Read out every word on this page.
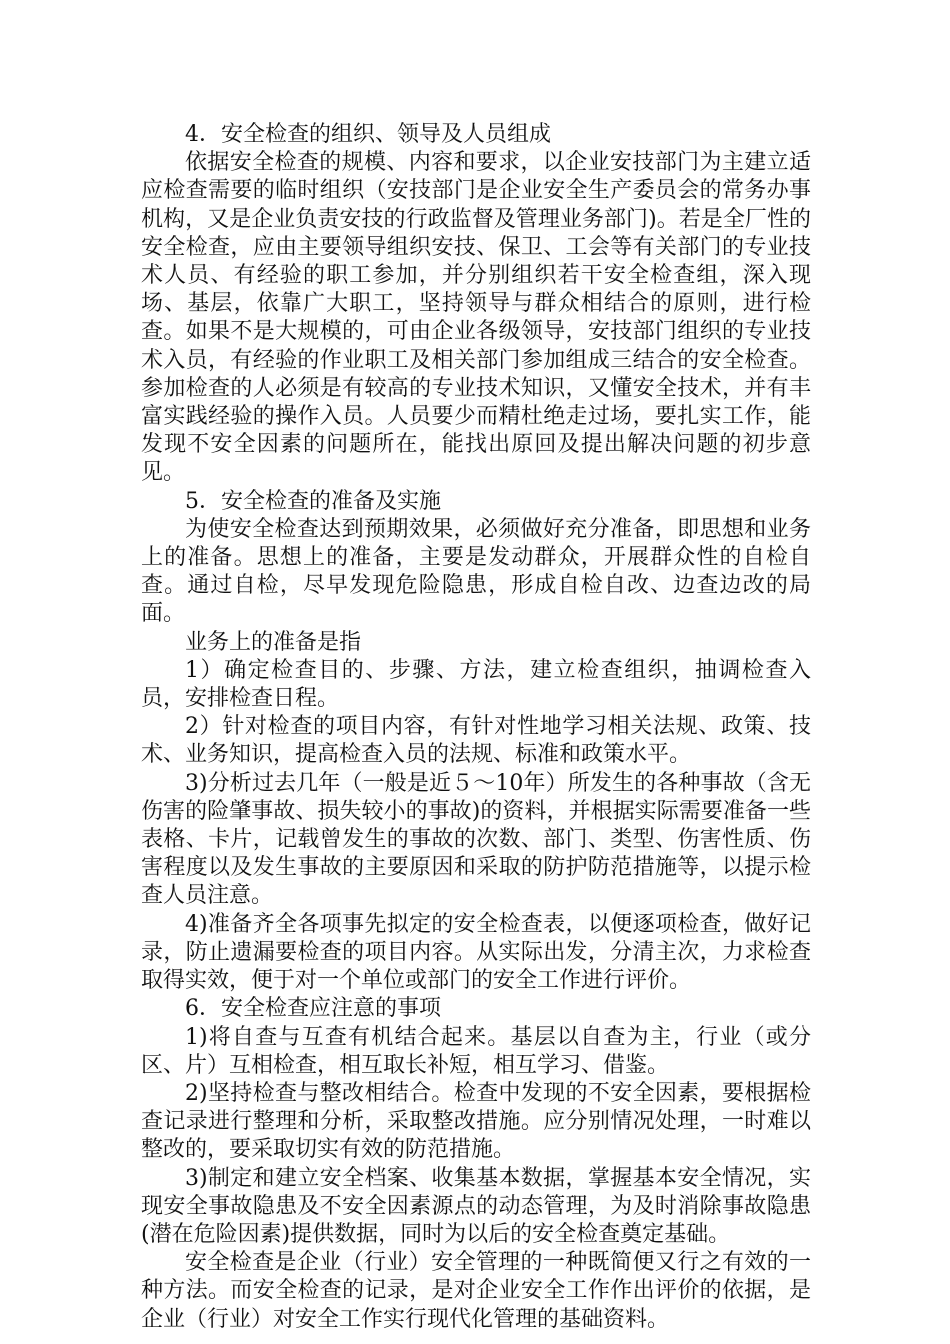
4．安全检查的组织、领导及人员组成

依据安全检查的规模、内容和要求，以企业安技部门为主建立适应检查需要的临时组织（安技部门是企业安全生产委员会的常务办事机构，又是企业负责安技的行政监督及管理业务部门)。若是全厂性的安全检查，应由主要领导组织安技、保卫、工会等有关部门的专业技术人员、有经验的职工参加，并分别组织若干安全检查组，深入现场、基层，依靠广大职工，坚持领导与群众相结合的原则，进行检查。如果不是大规模的，可由企业各级领导，安技部门组织的专业技术入员，有经验的作业职工及相关部门参加组成三结合的安全检查。参加检查的人必须是有较高的专业技术知识，又懂安全技术，并有丰富实践经验的操作入员。人员要少而精杜绝走过场，要扎实工作，能发现不安全因素的问题所在，能找出原回及提出解决问题的初步意见。

5．安全检查的准备及实施

为使安全检查达到预期效果，必须做好充分准备，即思想和业务上的准备。思想上的准备，主要是发动群众，开展群众性的自检自查。通过自检，尽早发现危险隐患，形成自检自改、边查边改的局面。

业务上的准备是指

1）确定检查目的、步骤、方法，建立检查组织，抽调检查入员，安排检查日程。

2）针对检查的项目内容，有针对性地学习相关法规、政策、技术、业务知识，提高检查入员的法规、标准和政策水平。

3)分析过去几年（一般是近５～10年）所发生的各种事故（含无伤害的险肇事故、损失较小的事故)的资料，并根据实际需要准备一些表格、卡片，记载曾发生的事故的次数、部门、类型、伤害性质、伤害程度以及发生事故的主要原因和采取的防护防范措施等，以提示检查人员注意。

4)准备齐全各项事先拟定的安全检查表，以便逐项检查，做好记录，防止遗漏要检查的项目内容。从实际出发，分清主次，力求检查取得实效，便于对一个单位或部门的安全工作进行评价。

6．安全检查应注意的事项

1)将自查与互查有机结合起来。基层以自查为主，行业（或分区、片）互相检查，相互取长补短，相互学习、借鉴。

2)坚持检查与整改相结合。检查中发现的不安全因素，要根据检查记录进行整理和分析，采取整改措施。应分别情况处理，一时难以整改的，要采取切实有效的防范措施。

3)制定和建立安全档案、收集基本数据，掌握基本安全情况，实现安全事故隐患及不安全因素源点的动态管理，为及时消除事故隐患(潜在危险因素)提供数据，同时为以后的安全检查奠定基础。

安全检查是企业（行业）安全管理的一种既简便又行之有效的一种方法。而安全检查的记录，是对企业安全工作作出评价的依据，是企业（行业）对安全工作实行现代化管理的基础资料。
